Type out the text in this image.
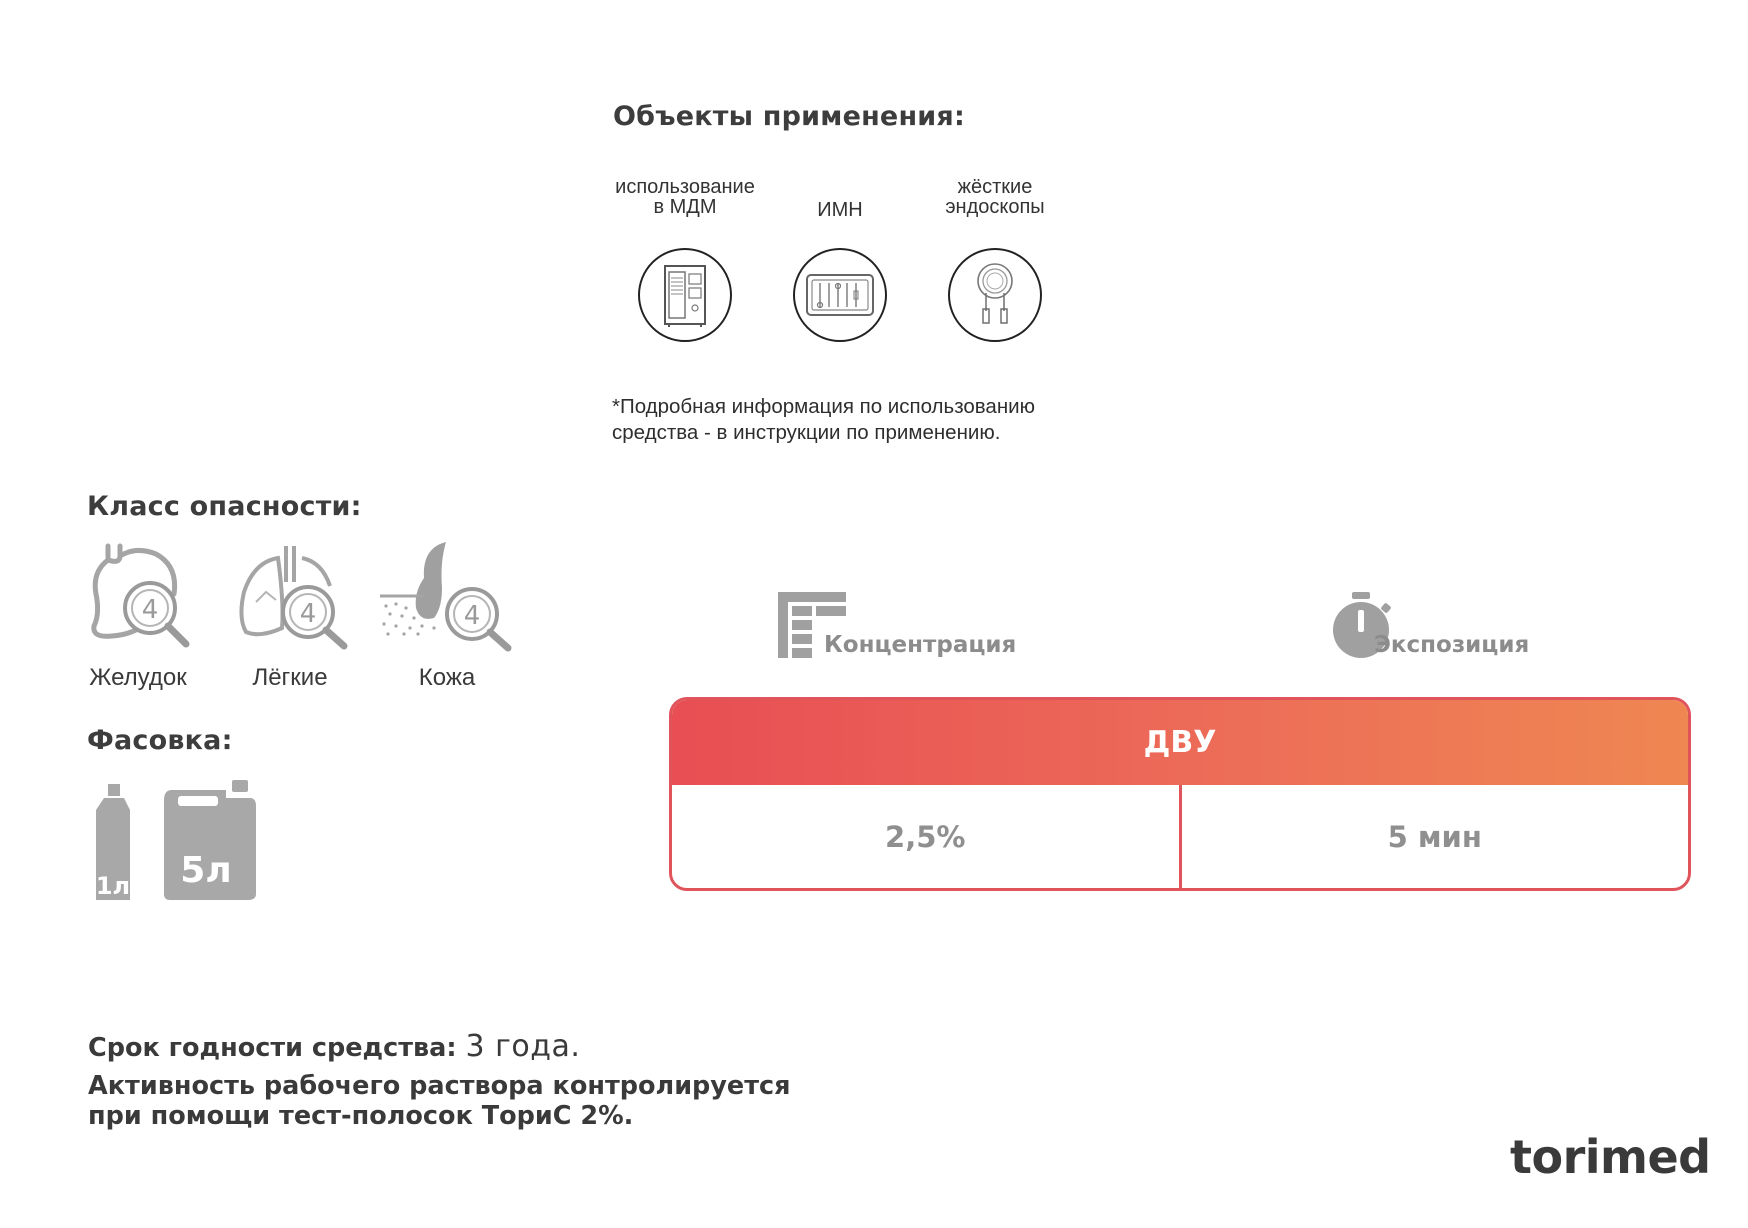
Объекты применения:
использование
в МДМ	ИМН
жёсткие
эндоскопы
*Подробная информация по использованию
средства - в инструкции по применению.
Класс опасности:
4
Желудок
4
Лёгкие
4
Кожа
Фасовка:
1л 5л
Концентрация	Экспозиция
ДВУ
2,5%	5 мин
Срок годности средства: 3 года.
Активность рабочего раствора контролируется
при помощи тест-полосок ТориС 2%.
torimed
